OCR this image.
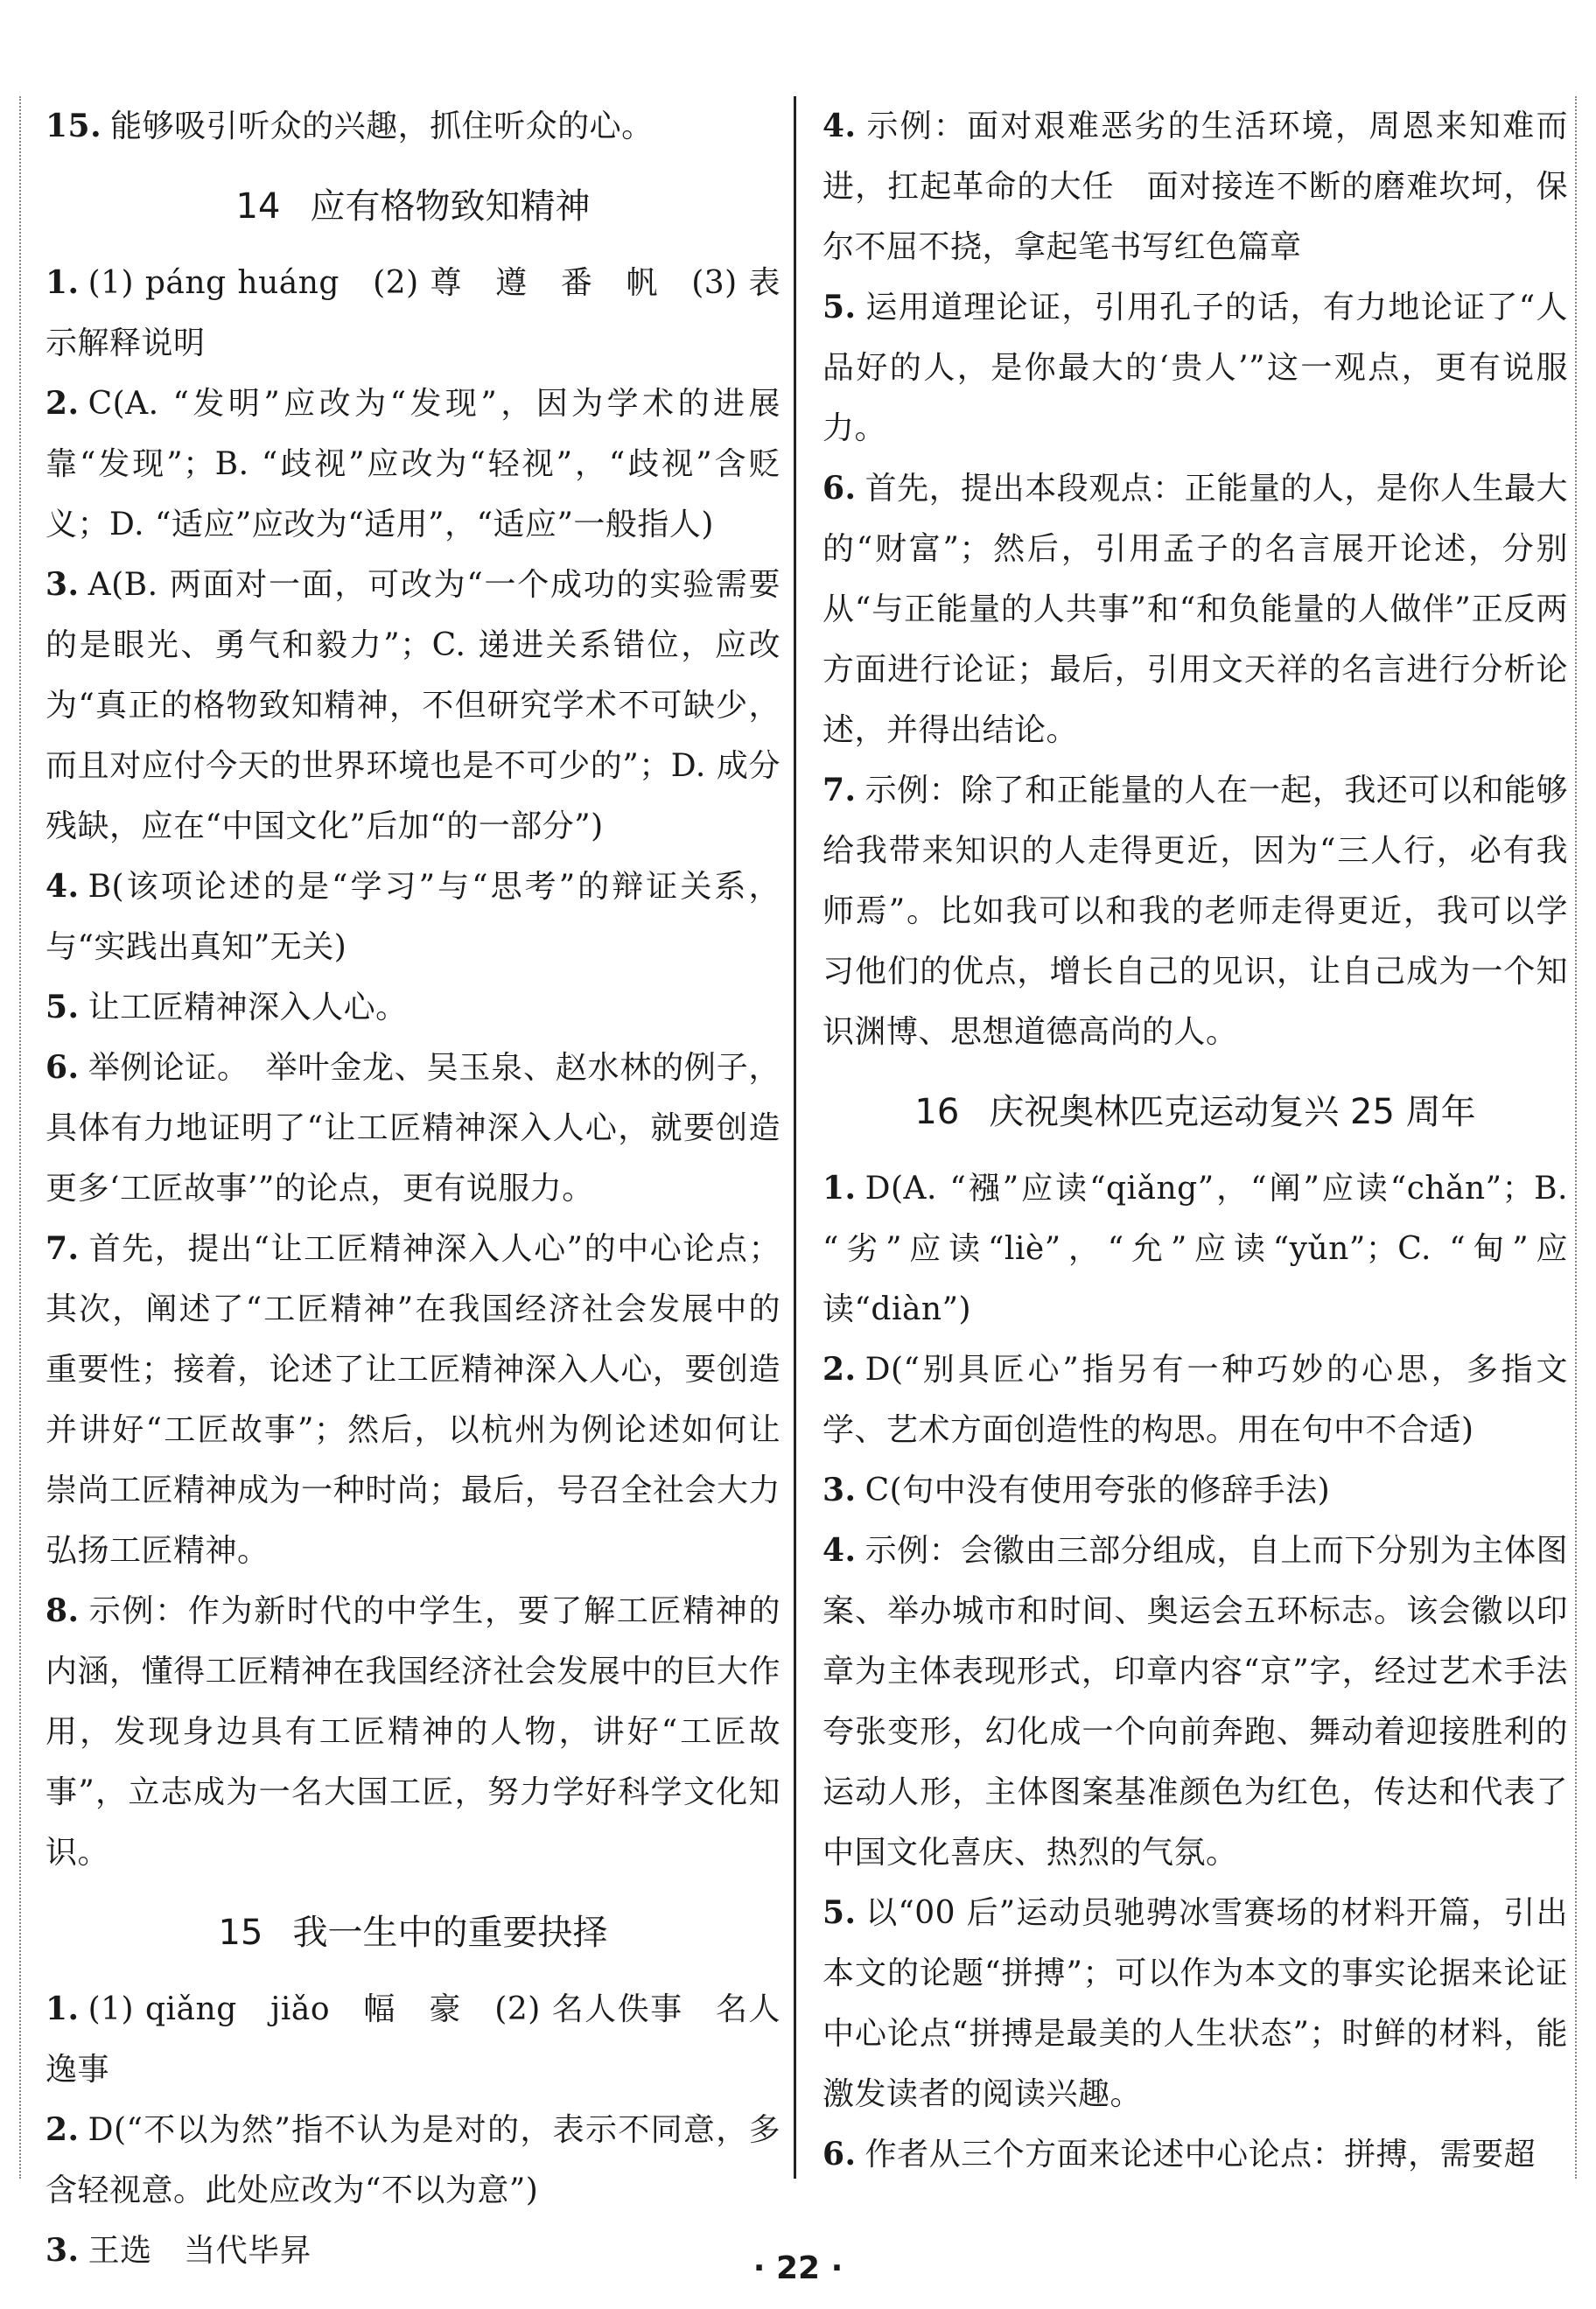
15. 能够吸引听众的兴趣，抓住听众的心。

14 应有格物致知精神

1. (1) páng huáng　(2) 尊　遵　番　帆　(3) 表示解释说明

2. C(A. “发明”应改为“发现”，因为学术的进展靠“发现”；B. “歧视”应改为“轻视”，“歧视”含贬义；D. “适应”应改为“适用”，“适应”一般指人)

3. A(B. 两面对一面，可改为“一个成功的实验需要的是眼光、勇气和毅力”；C. 递进关系错位，应改为“真正的格物致知精神，不但研究学术不可缺少，而且对应付今天的世界环境也是不可少的”；D. 成分残缺，应在“中国文化”后加“的一部分”)

4. B(该项论述的是“学习”与“思考”的辩证关系，与“实践出真知”无关)

5. 让工匠精神深入人心。

6. 举例论证。　举叶金龙、吴玉泉、赵水林的例子，具体有力地证明了“让工匠精神深入人心，就要创造更多‘工匠故事’”的论点，更有说服力。

7. 首先，提出“让工匠精神深入人心”的中心论点；其次，阐述了“工匠精神”在我国经济社会发展中的重要性；接着，论述了让工匠精神深入人心，要创造并讲好“工匠故事”；然后，以杭州为例论述如何让崇尚工匠精神成为一种时尚；最后，号召全社会大力弘扬工匠精神。

8. 示例：作为新时代的中学生，要了解工匠精神的内涵，懂得工匠精神在我国经济社会发展中的巨大作用，发现身边具有工匠精神的人物，讲好“工匠故事”，立志成为一名大国工匠，努力学好科学文化知识。

15 我一生中的重要抉择

1. (1) qiǎng　jiǎo　幅　豪　(2) 名人佚事　名人逸事

2. D(“不以为然”指不认为是对的，表示不同意，多含轻视意。此处应改为“不以为意”)

3. 王选　当代毕昇

4. 示例：面对艰难恶劣的生活环境，周恩来知难而进，扛起革命的大任　面对接连不断的磨难坎坷，保尔不屈不挠，拿起笔书写红色篇章

5. 运用道理论证，引用孔子的话，有力地论证了“人品好的人，是你最大的‘贵人’”这一观点，更有说服力。

6. 首先，提出本段观点：正能量的人，是你人生最大的“财富”；然后，引用孟子的名言展开论述，分别从“与正能量的人共事”和“和负能量的人做伴”正反两方面进行论证；最后，引用文天祥的名言进行分析论述，并得出结论。

7. 示例：除了和正能量的人在一起，我还可以和能够给我带来知识的人走得更近，因为“三人行，必有我师焉”。比如我可以和我的老师走得更近，我可以学习他们的优点，增长自己的见识，让自己成为一个知识渊博、思想道德高尚的人。

16 庆祝奥林匹克运动复兴 25 周年

1. D(A. “襁”应读“qiǎng”，“阐”应读“chǎn”；B. “劣”应读“liè”，“允”应读“yǔn”；C. “甸”应读“diàn”)

2. D(“别具匠心”指另有一种巧妙的心思，多指文学、艺术方面创造性的构思。用在句中不合适)

3. C(句中没有使用夸张的修辞手法)

4. 示例：会徽由三部分组成，自上而下分别为主体图案、举办城市和时间、奥运会五环标志。该会徽以印章为主体表现形式，印章内容“京”字，经过艺术手法夸张变形，幻化成一个向前奔跑、舞动着迎接胜利的运动人形，主体图案基准颜色为红色，传达和代表了中国文化喜庆、热烈的气氛。

5. 以“00 后”运动员驰骋冰雪赛场的材料开篇，引出本文的论题“拼搏”；可以作为本文的事实论据来论证中心论点“拼搏是最美的人生状态”；时鲜的材料，能激发读者的阅读兴趣。

6. 作者从三个方面来论述中心论点：拼搏，需要超

· 22 ·
